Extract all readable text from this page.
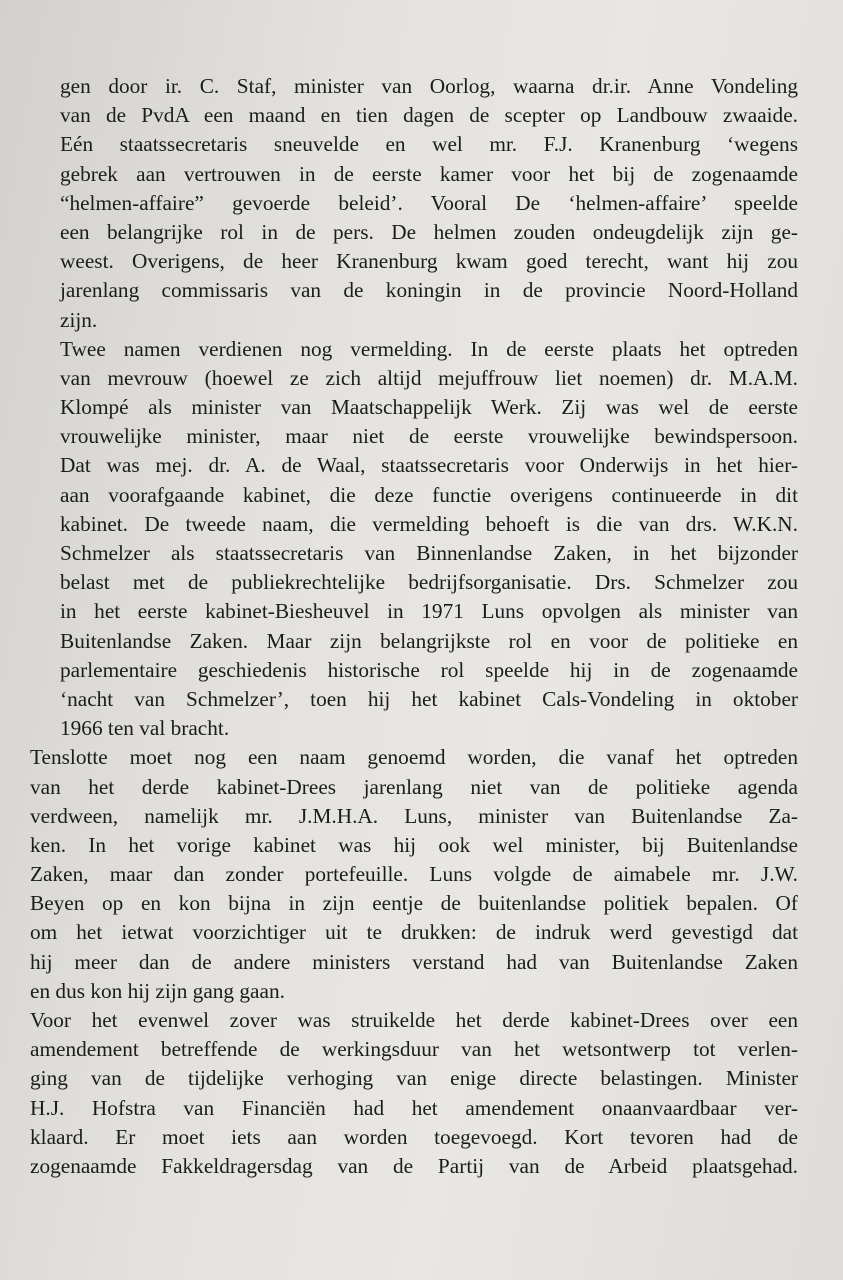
gen door ir. C. Staf, minister van Oorlog, waarna dr.ir. Anne Vondeling
van de PvdA een maand en tien dagen de scepter op Landbouw zwaaide.
Eén staatssecretaris sneuvelde en wel mr. F.J. Kranenburg ‘wegens
gebrek aan vertrouwen in de eerste kamer voor het bij de zogenaamde
“helmen-affaire” gevoerde beleid’. Vooral De ‘helmen-affaire’ speelde
een belangrijke rol in de pers. De helmen zouden ondeugdelijk zijn ge-
weest. Overigens, de heer Kranenburg kwam goed terecht, want hij zou
jarenlang commissaris van de koningin in de provincie Noord-Holland
zijn.
Twee namen verdienen nog vermelding. In de eerste plaats het optreden
van mevrouw (hoewel ze zich altijd mejuffrouw liet noemen) dr. M.A.M.
Klompé als minister van Maatschappelijk Werk. Zij was wel de eerste
vrouwelijke minister, maar niet de eerste vrouwelijke bewindspersoon.
Dat was mej. dr. A. de Waal, staatssecretaris voor Onderwijs in het hier-
aan voorafgaande kabinet, die deze functie overigens continueerde in dit
kabinet. De tweede naam, die vermelding behoeft is die van drs. W.K.N.
Schmelzer als staatssecretaris van Binnenlandse Zaken, in het bijzonder
belast met de publiekrechtelijke bedrijfsorganisatie. Drs. Schmelzer zou
in het eerste kabinet-Biesheuvel in 1971 Luns opvolgen als minister van
Buitenlandse Zaken. Maar zijn belangrijkste rol en voor de politieke en
parlementaire geschiedenis historische rol speelde hij in de zogenaamde
‘nacht van Schmelzer’, toen hij het kabinet Cals-Vondeling in oktober
1966 ten val bracht.
Tenslotte moet nog een naam genoemd worden, die vanaf het optreden
van het derde kabinet-Drees jarenlang niet van de politieke agenda
verdween, namelijk mr. J.M.H.A. Luns, minister van Buitenlandse Za-
ken. In het vorige kabinet was hij ook wel minister, bij Buitenlandse
Zaken, maar dan zonder portefeuille. Luns volgde de aimabele mr. J.W.
Beyen op en kon bijna in zijn eentje de buitenlandse politiek bepalen. Of
om het ietwat voorzichtiger uit te drukken: de indruk werd gevestigd dat
hij meer dan de andere ministers verstand had van Buitenlandse Zaken
en dus kon hij zijn gang gaan.
Voor het evenwel zover was struikelde het derde kabinet-Drees over een
amendement betreffende de werkingsduur van het wetsontwerp tot verlen-
ging van de tijdelijke verhoging van enige directe belastingen. Minister
H.J. Hofstra van Financiën had het amendement onaanvaardbaar ver-
klaard. Er moet iets aan worden toegevoegd. Kort tevoren had de
zogenaamde Fakkeldragersdag van de Partij van de Arbeid plaatsgehad.
